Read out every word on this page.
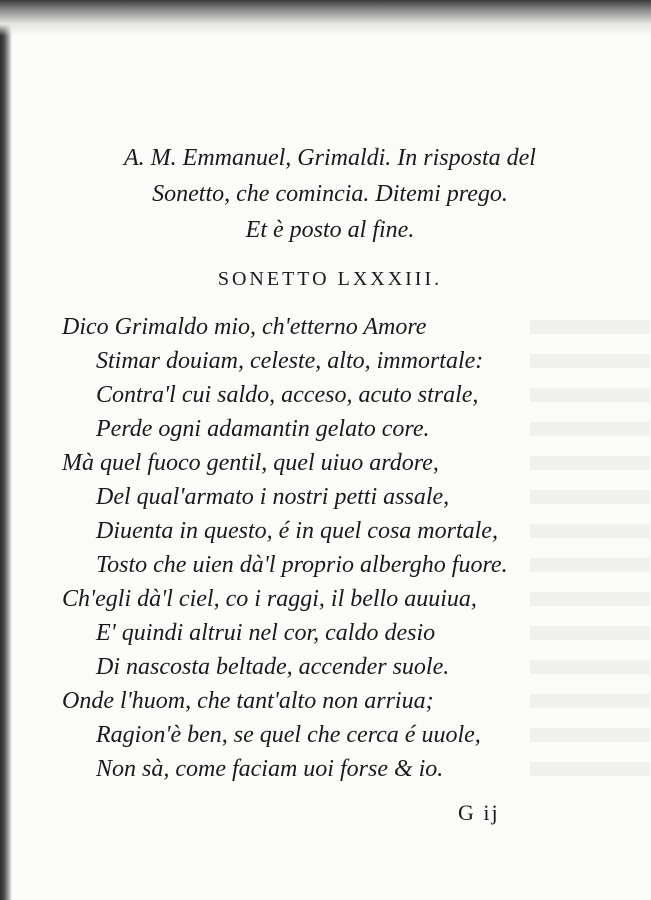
A. M. Emmanuel, Grimaldi. In risposta del
Sonetto, che comincia. Ditemi prego.
Et è posto al fine.
SONETTO LXXXIII.
Dico Grimaldo mio, ch'etterno Amore
Stimar douiam, celeste, alto, immortale:
Contra'l cui saldo, acceso, acuto strale,
Perde ogni adamantin gelato core.
Mà quel fuoco gentil, quel uiuo ardore,
Del qual'armato i nostri petti assale,
Diuenta in questo, é in quel cosa mortale,
Tosto che uien dà'l proprio albergho fuore.
Ch'egli dà'l ciel, co i raggi, il bello auuiua,
E' quindi altrui nel cor, caldo desio
Di nascosta beltade, accender suole.
Onde l'huom, che tant'alto non arriua;
Ragion'è ben, se quel che cerca é uuole,
Non sà, come faciam uoi forse & io.
G ij
